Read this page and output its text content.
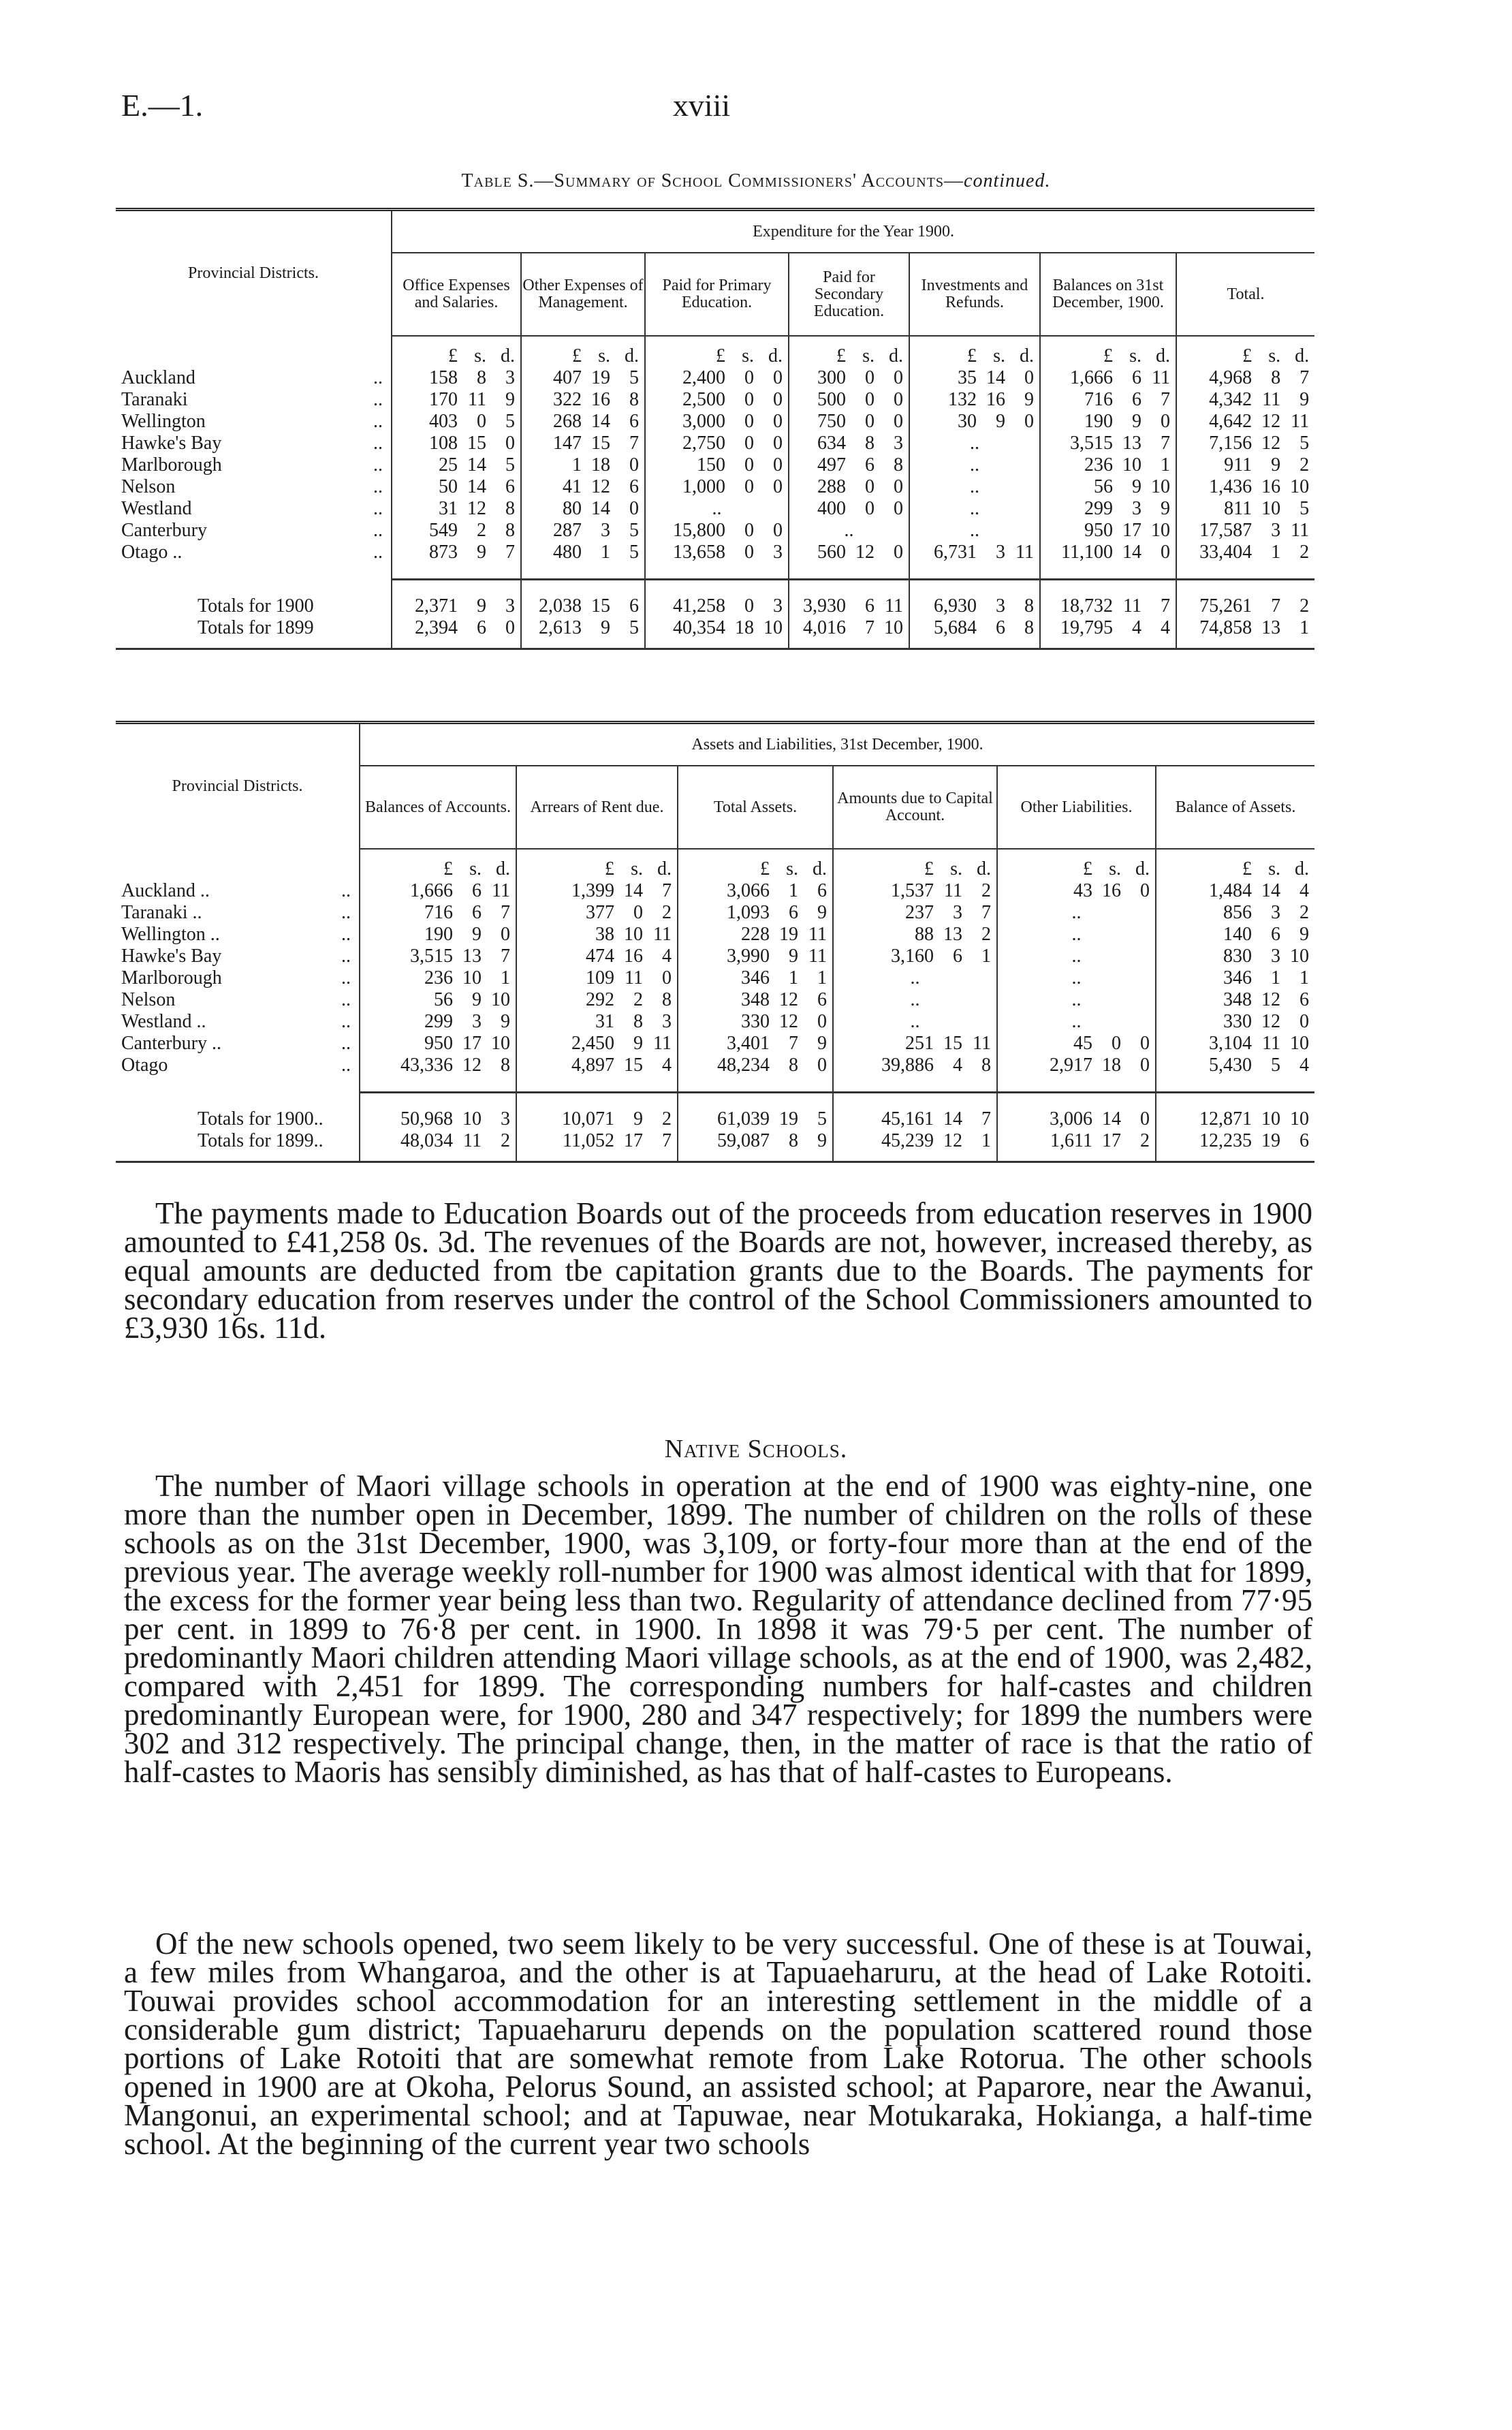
E.—1.	xviii
Table S.—Summary of School Commissioners' Accounts—continued.
Provincial Districts.	Expenditure for the Year 1900.						
	Office Expenses and Salaries.	Other Expenses of Management.	Paid for Primary Education.	Paid for Secondary Education.	Investments and Refunds.	Balances on 31st December, 1900.	Total.

	£ s. d.	£ s. d.	£ s. d.	£ s. d.	£ s. d.	£ s. d.	£ s. d.

Auckland ..	158 8 3	407 19 5	2,400 0 0	300 0 0	35 14 0	1,666 6 11	4,968 8 7

Taranaki ..	170 11 9	322 16 8	2,500 0 0	500 0 0	132 16 9	716 6 7	4,342 11 9

Wellington ..	403 0 5	268 14 6	3,000 0 0	750 0 0	30 9 0	190 9 0	4,642 12 11

Hawke's Bay ..	108 15 0	147 15 7	2,750 0 0	634 8 3	..	3,515 13 7	7,156 12 5

Marlborough ..	25 14 5	1 18 0	150 0 0	497 6 8	..	236 10 1	911 9 2

Nelson ..	50 14 6	41 12 6	1,000 0 0	288 0 0	..	56 9 10	1,436 16 10

Westland ..	31 12 8	80 14 0	..	400 0 0	..	299 3 9	811 10 5

Canterbury ..	549 2 8	287 3 5	15,800 0 0	..	..	950 17 10	17,587 3 11

Otago .. ..	873 9 7	480 1 5	13,658 0 3	560 12 0	6,731 3 11	11,100 14 0	33,404 1 2

Totals for 1900	2,371 9 3	2,038 15 6	41,258 0 3	3,930 6 11	6,930 3 8	18,732 11 7	75,261 7 2

Totals for 1899	2,394 6 0	2,613 9 5	40,354 18 10	4,016 7 10	5,684 6 8	19,795 4 4	74,858 13 1

Provincial Districts.	Assets and Liabilities, 31st December, 1900.					
	Balances of Accounts.	Arrears of Rent due.	Total Assets.	Amounts due to Capital Account.	Other Liabilities.	Balance of Assets.

	£ s. d.	£ s. d.	£ s. d.	£ s. d.	£ s. d.	£ s. d.

Auckland .. ..	1,666 6 11	1,399 14 7	3,066 1 6	1,537 11 2	43 16 0	1,484 14 4

Taranaki .. ..	716 6 7	377 0 2	1,093 6 9	237 3 7	..	856 3 2

Wellington .. ..	190 9 0	38 10 11	228 19 11	88 13 2	..	140 6 9

Hawke's Bay ..	3,515 13 7	474 16 4	3,990 9 11	3,160 6 1	..	830 3 10

Marlborough ..	236 10 1	109 11 0	346 1 1	..	..	346 1 1

Nelson ..	56 9 10	292 2 8	348 12 6	..	..	348 12 6

Westland .. ..	299 3 9	31 8 3	330 12 0	..	..	330 12 0

Canterbury .. ..	950 17 10	2,450 9 11	3,401 7 9	251 15 11	45 0 0	3,104 11 10

Otago ..	43,336 12 8	4,897 15 4	48,234 8 0	39,886 4 8	2,917 18 0	5,430 5 4

Totals for 1900..	50,968 10 3	10,071 9 2	61,039 19 5	45,161 14 7	3,006 14 0	12,871 10 10

Totals for 1899..	48,034 11 2	11,052 17 7	59,087 8 9	45,239 12 1	1,611 17 2	12,235 19 6

The payments made to Education Boards out of the proceeds from education reserves in 1900 amounted to £41,258 0s. 3d. The revenues of the Boards are not, however, increased thereby, as equal amounts are deducted from tbe capitation grants due to the Boards. The payments for secondary education from reserves under the control of the School Commissioners amounted to £3,930 16s. 11d.

Native Schools.

The number of Maori village schools in operation at the end of 1900 was eighty-nine, one more than the number open in December, 1899. The number of children on the rolls of these schools as on the 31st December, 1900, was 3,109, or forty-four more than at the end of the previous year. The average weekly roll-number for 1900 was almost identical with that for 1899, the excess for the former year being less than two. Regularity of attendance declined from 77·95 per cent. in 1899 to 76·8 per cent. in 1900. In 1898 it was 79·5 per cent. The number of predominantly Maori children attending Maori village schools, as at the end of 1900, was 2,482, compared with 2,451 for 1899. The corresponding numbers for half-castes and children predominantly European were, for 1900, 280 and 347 respectively; for 1899 the numbers were 302 and 312 respectively. The principal change, then, in the matter of race is that the ratio of half-castes to Maoris has sensibly diminished, as has that of half-castes to Europeans.

Of the new schools opened, two seem likely to be very successful. One of these is at Touwai, a few miles from Whangaroa, and the other is at Tapuaeharuru, at the head of Lake Rotoiti. Touwai provides school accommodation for an interesting settlement in the middle of a considerable gum district; Tapuaeharuru depends on the population scattered round those portions of Lake Rotoiti that are somewhat remote from Lake Rotorua. The other schools opened in 1900 are at Okoha, Pelorus Sound, an assisted school; at Paparore, near the Awanui, Mangonui, an experimental school; and at Tapuwae, near Motukaraka, Hokianga, a half-time school. At the beginning of the current year two schools
